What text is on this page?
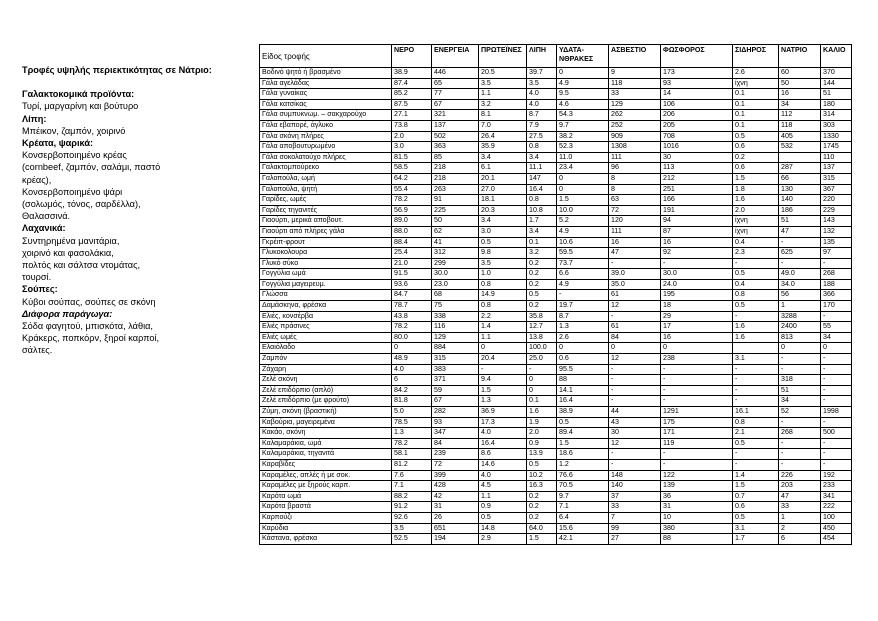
Τροφές υψηλής περιεκτικότητας σε Νάτριο:
Γαλακτοκομικά προϊόντα:
Τυρί, μαργαρίνη και βούτυρο
Λίπη:
Μπέικον, ζαμπόν, χοιρινό
Κρέατα, ψαρικά:
Κονσερβοποιημένο κρέας
(cornbeef, ζαμπόν, σαλάμι, παστό
κρέας),
Κονσερβοποιημένο ψάρι
(σολωμός, τόνος, σαρδέλλα),
Θαλασσινά.
Λαχανικά:
Συντηρημένα μανιτάρια,
χοιρινό και φασολάκια,
πολτός και σάλτσα ντομάτας,
τουρσί.
Σούπες:
Κύβοι σούπας, σούπες σε σκόνη
Διάφορα παράγωγα:
Σόδα φαγητού, μπισκότα, λάθια,
Κράκερς, ποπκόρν, ξηροί καρποί,
σάλτες.
Είδος τροφής	ΝΕΡΟ	ΕΝΕΡΓΕΙΑ	ΠΡΩΤΕΪΝΕΣ	ΛΙΠΗ	ΥΔΑΤΑ-ΝΘΡΑΚΕΣ	ΑΣΒΕΣΤΙΟ	ΦΩΣΦΟΡΟΣ	ΣΙΔΗΡΟΣ	ΝΑΤΡΙΟ	ΚΑΛΙΟ
Βοδινό ψητό ή βρασμένο	38.9	446	20.5	39.7	0	9	173	2.6	60	370
Γάλα αγελάδας	87.4	65	3.5	3.5	4.9	118	93	ίχνη	50	144
Γάλα γυναίκας	85.2	77	1.1	4.0	9.5	33	14	0.1	16	51
Γάλα κατσίκας	87.5	67	3.2	4.0	4.6	129	106	0.1	34	180
Γάλα συμπυκνωμ. – σακχαρούχο	27.1	321	8.1	8.7	54.3	262	206	0.1	112	314
Γάλα εβαπορέ, άγλυκο	73.8	137	7.0	7.9	9.7	252	205	0.1	118	303
Γάλα σκόνη πλήρες	2.0	502	26.4	27.5	38.2	909	708	0.5	405	1330
Γάλα αποβουτυρωμένο	3.0	363	35.9	0.8	52.3	1308	1016	0.6	532	1745
Γάλα σοκολατούχο πλήρες	81.5	85	3.4	3.4	11.0	111	30	0.2		110
Γαλακτομπούρεκο	58.5	218	6.1	11.1	23.4	96	113	0.6	287	137
Γαλοπούλα, ωμή	64.2	218	20.1	147	0	8	212	1.5	66	315
Γαλοπούλα, ψητή	55.4	263	27.0	16.4	0	8	251	1.8	130	367
Γαρίδες, ωμές	78.2	91	18.1	0.8	1.5	63	166	1.6	140	220
Γαρίδες τηγανιτές	56.9	225	20.3	10.8	10.0	72	191	2.0	186	229
Γιαούρτι, μερικά αποβουτ.	89.0	50	3.4	1.7	5.2	120	94	ίχνη	51	143
Γιαούρτι από πλήρες γάλα	88.0	62	3.0	3.4	4.9	111	87	ίχνη	47	132
Γκρέιπ-φρουτ	88.4	41	0.5	0.1	10.6	16	16	0.4	-	135
Γλυκοκολουρα	25.4	312	9.8	3.2	59.5	47	92	2.3	625	97
Γλυκό σύκο	21.0	299	3.5	0.2	73.7	-	-	-	-	-
Γογγύλια ωμά	91.5	30.0	1.0	0.2	6.6	39.0	30.0	0.5	49.0	268
Γογγύλια μαγειρευμ.	93.6	23.0	0.8	0.2	4.9	35.0	24.0	0.4	34.0	188
Γλώσσα	84.7	68	14.9	0.5	-	61	195	0.8	56	366
Δαμάσκηνα, φρέσκα	78.7	75	0.8	0.2	19.7	12	18	0.5	1	170
Ελιές, κονσέρβα	43.8	338	2.2	35.8	8.7	-	29	-	3288	-
Ελιές πράσινες	78.2	116	1.4	12.7	1.3	61	17	1.6	2400	55
Ελιές ωμές	80.0	129	1.1	13.8	2.6	84	16	1.6	813	34
Ελαιόλαδο	0	884	0	100.0	0	0	0		0	0
Ζαμπόν	48.9	315	20.4	25.0	0.6	12	238	3.1	-	-
Ζάχαρη	4.0	383	-	-	95.5	-	-	-	-	-
Ζελέ σκόνη	6	371	9.4	0	88	-	-	-	318	-
Ζελέ επιδόρπιο (απλό)	84.2	59	1.5	0	14.1	-	-	-	51	-
Ζελέ επιδόρπιο (με φρούτο)	81.8	67	1.3	0.1	16.4	-	-	-	34	-
Ζύμη, σκόνη (βραστική)	5.0	282	36.9	1.6	38.9	44	1291	16.1	52	1998
Καβούρια, μαγειρεμένα	78.5	93	17.3	1.9	0.5	43	175	0.8	-	-
Κακάο, σκόνη	1.3	347	4.0	2.0	89.4	30	171	2.1	268	500
Καλαμαράκια, ωμά	78.2	84	16.4	0.9	1.5	12	119	0.5	-	-
Καλαμαράκια, τηγανιτά	58.1	239	8.6	13.9	18.6	-	-	-	-	-
Καραβίδες	81.2	72	14.6	0.5	1.2	-	-	-	-	-
Καραμέλες, απλές ή με σοκ.	7.6	399	4.0	10.2	76.6	148	122	1.4	226	192
Καραμέλες με ξηρούς καρπ.	7.1	428	4.5	16.3	70.5	140	139	1.5	203	233
Καρότα ωμά	88.2	42	1.1	0.2	9.7	37	36	0.7	47	341
Καρότα βραστά	91.2	31	0.9	0.2	7.1	33	31	0.6	33	222
Καρπούζι	92.6	26	0.5	0.2	6.4	7	10	0.5	1	100
Καρύδια	3.5	651	14.8	64.0	15.6	99	380	3.1	2	450
Κάστανα, φρέσκα	52.5	194	2.9	1.5	42.1	27	88	1.7	6	454
